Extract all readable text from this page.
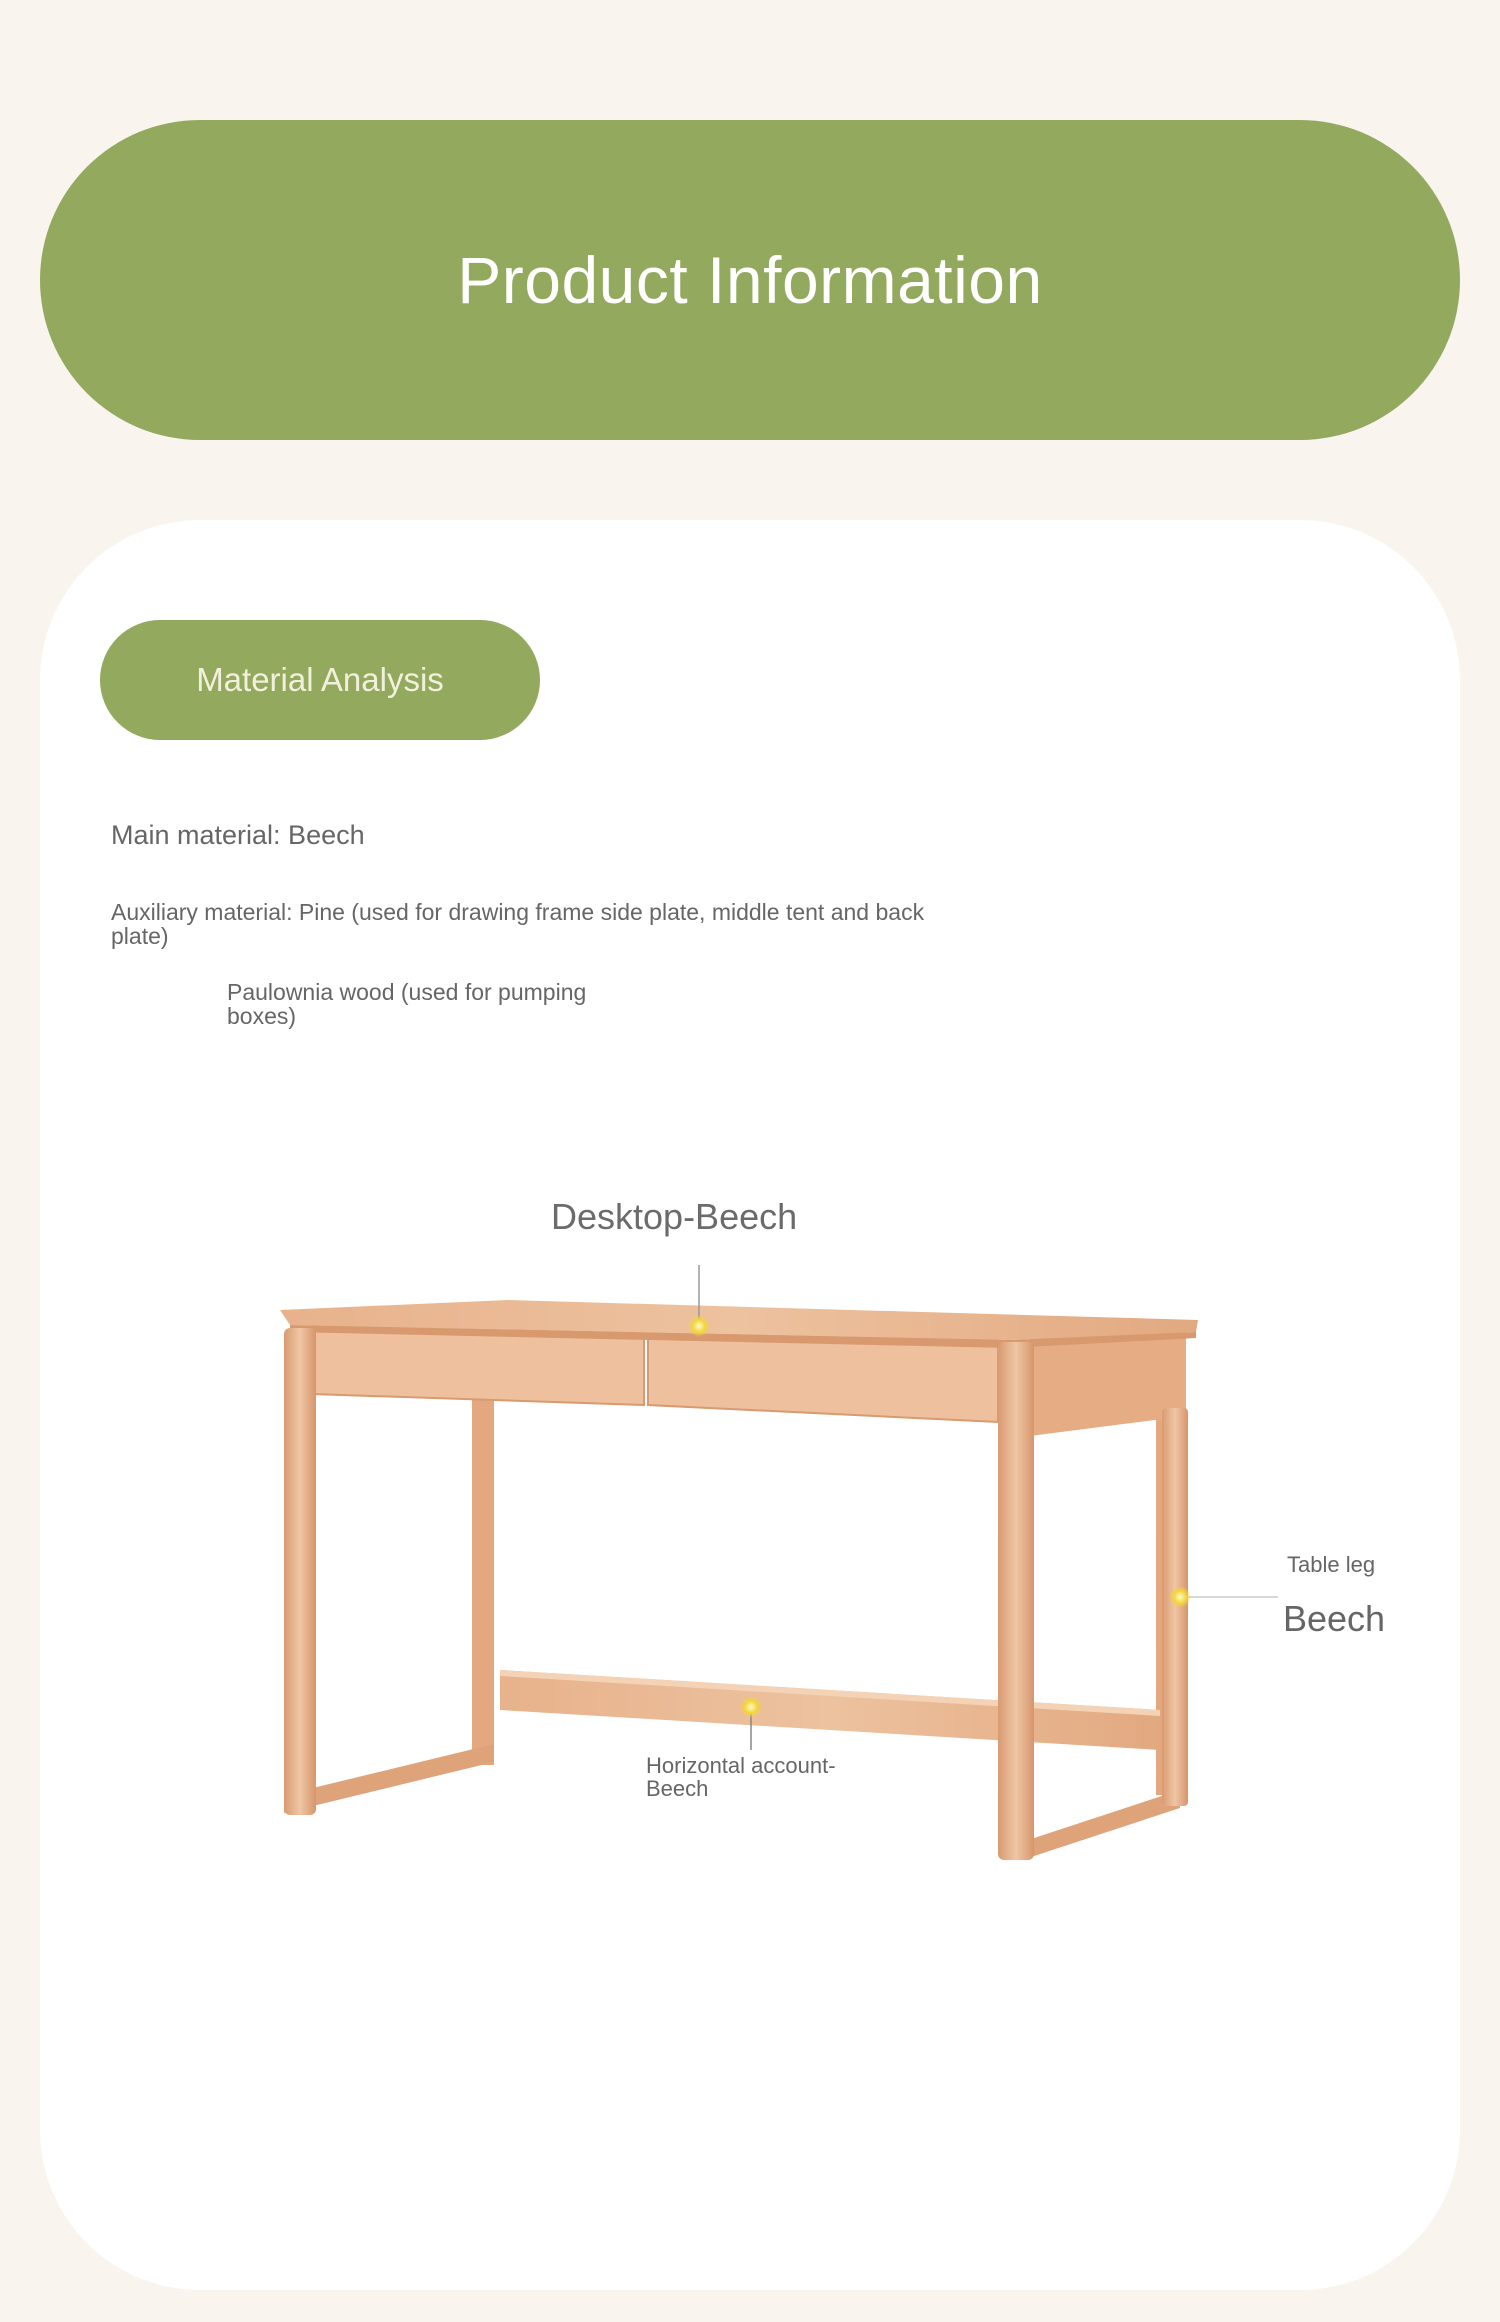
Product Information
Material Analysis
Main material: Beech
Auxiliary material: Pine (used for drawing frame side plate, middle tent and back plate)
Paulownia wood (used for pumping boxes)
Desktop-Beech
Table leg
Beech
Horizontal account-Beech
